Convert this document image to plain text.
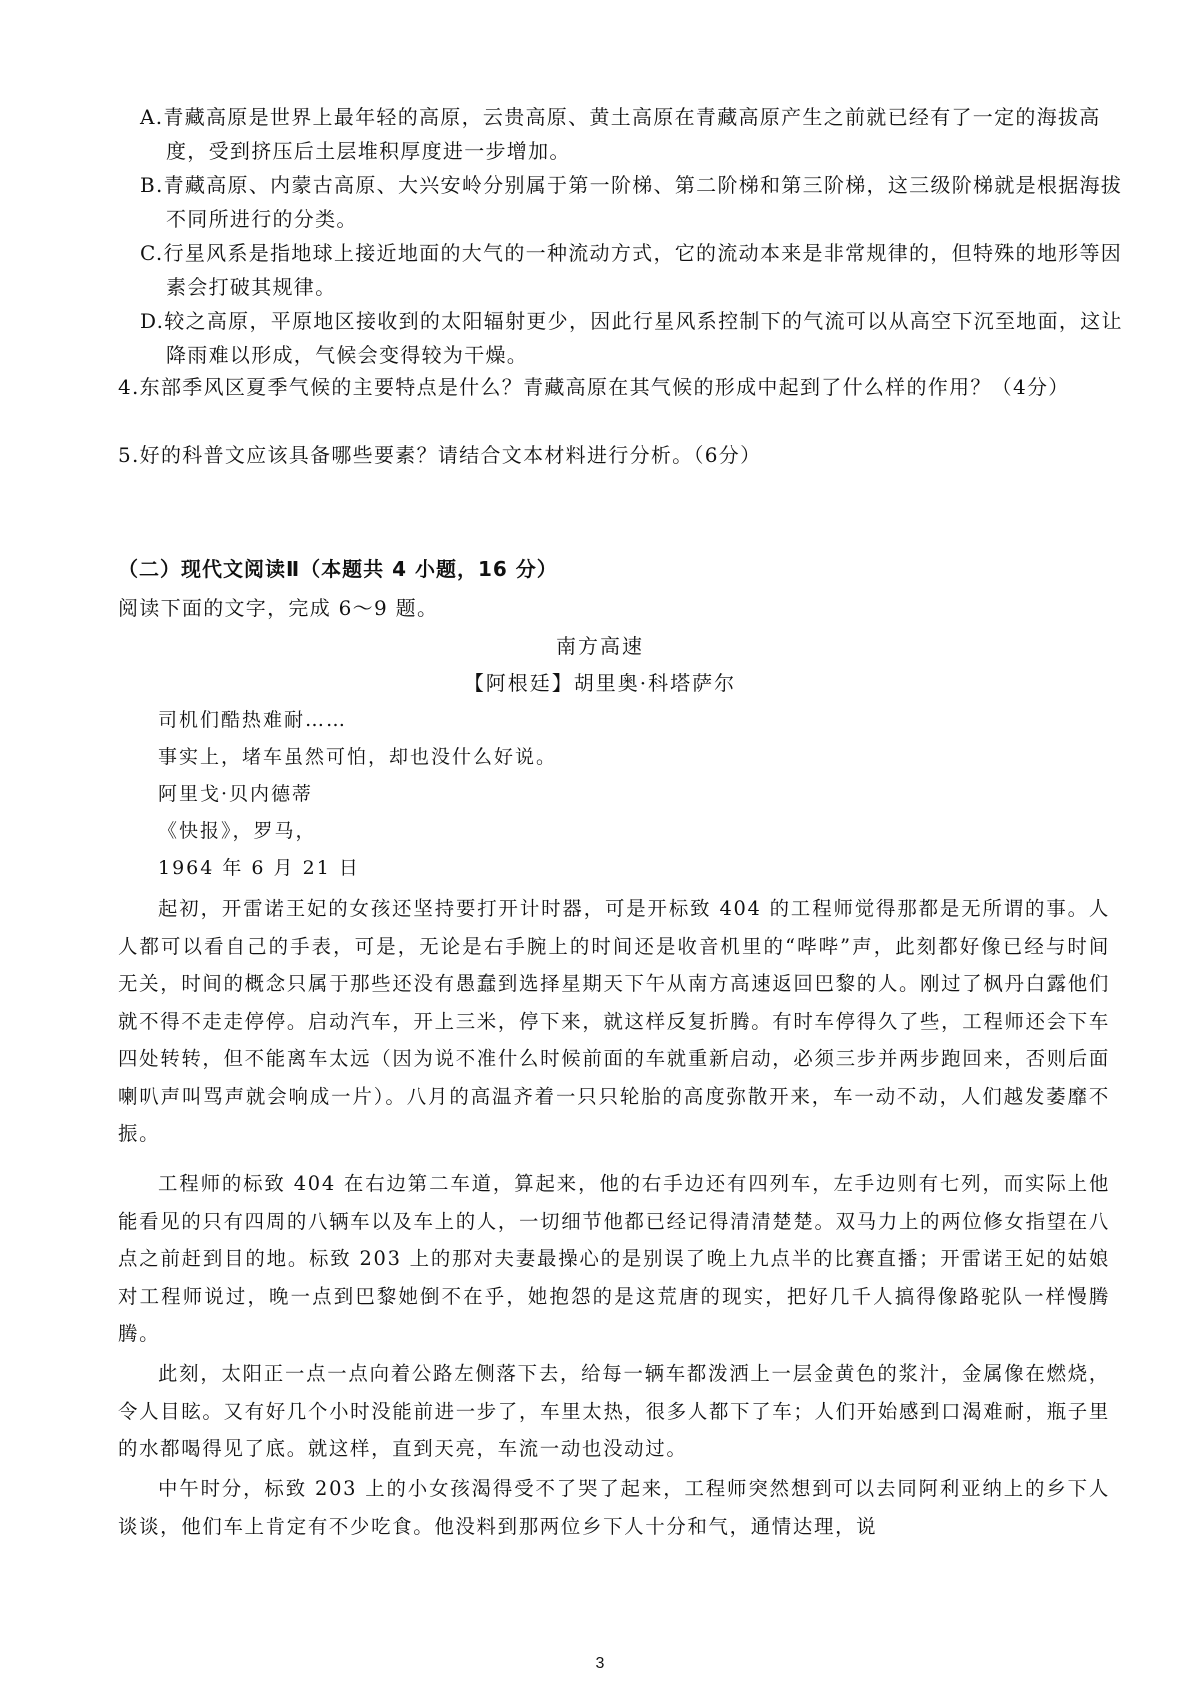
A.青藏高原是世界上最年轻的高原，云贵高原、黄土高原在青藏高原产生之前就已经有了一定的海拔高度，受到挤压后土层堆积厚度进一步增加。
B.青藏高原、内蒙古高原、大兴安岭分别属于第一阶梯、第二阶梯和第三阶梯，这三级阶梯就是根据海拔不同所进行的分类。
C.行星风系是指地球上接近地面的大气的一种流动方式，它的流动本来是非常规律的，但特殊的地形等因素会打破其规律。
D.较之高原，平原地区接收到的太阳辐射更少，因此行星风系控制下的气流可以从高空下沉至地面，这让降雨难以形成，气候会变得较为干燥。
4.东部季风区夏季气候的主要特点是什么？青藏高原在其气候的形成中起到了什么样的作用？（4分）
5.好的科普文应该具备哪些要素？请结合文本材料进行分析。（6分）
（二）现代文阅读Ⅱ（本题共 4 小题，16 分）
阅读下面的文字，完成 6～9 题。
南方高速
【阿根廷】胡里奥·科塔萨尔
司机们酷热难耐……
事实上，堵车虽然可怕，却也没什么好说。
阿里戈·贝内德蒂
《快报》，罗马，
1964 年 6 月 21 日
起初，开雷诺王妃的女孩还坚持要打开计时器，可是开标致 404 的工程师觉得那都是无所谓的事。人人都可以看自己的手表，可是，无论是右手腕上的时间还是收音机里的“哔哔”声，此刻都好像已经与时间无关，时间的概念只属于那些还没有愚蠢到选择星期天下午从南方高速返回巴黎的人。刚过了枫丹白露他们就不得不走走停停。启动汽车，开上三米，停下来，就这样反复折腾。有时车停得久了些，工程师还会下车四处转转，但不能离车太远（因为说不准什么时候前面的车就重新启动，必须三步并两步跑回来，否则后面喇叭声叫骂声就会响成一片）。八月的高温齐着一只只轮胎的高度弥散开来，车一动不动，人们越发萎靡不振。
工程师的标致 404 在右边第二车道，算起来，他的右手边还有四列车，左手边则有七列，而实际上他能看见的只有四周的八辆车以及车上的人，一切细节他都已经记得清清楚楚。双马力上的两位修女指望在八点之前赶到目的地。标致 203 上的那对夫妻最操心的是别误了晚上九点半的比赛直播；开雷诺王妃的姑娘对工程师说过，晚一点到巴黎她倒不在乎，她抱怨的是这荒唐的现实，把好几千人搞得像路驼队一样慢腾腾。
此刻，太阳正一点一点向着公路左侧落下去，给每一辆车都泼洒上一层金黄色的浆汁，金属像在燃烧，令人目眩。又有好几个小时没能前进一步了，车里太热，很多人都下了车；人们开始感到口渴难耐，瓶子里的水都喝得见了底。就这样，直到天亮，车流一动也没动过。
中午时分，标致 203 上的小女孩渴得受不了哭了起来，工程师突然想到可以去同阿利亚纳上的乡下人谈谈，他们车上肯定有不少吃食。他没料到那两位乡下人十分和气，通情达理，说
3
